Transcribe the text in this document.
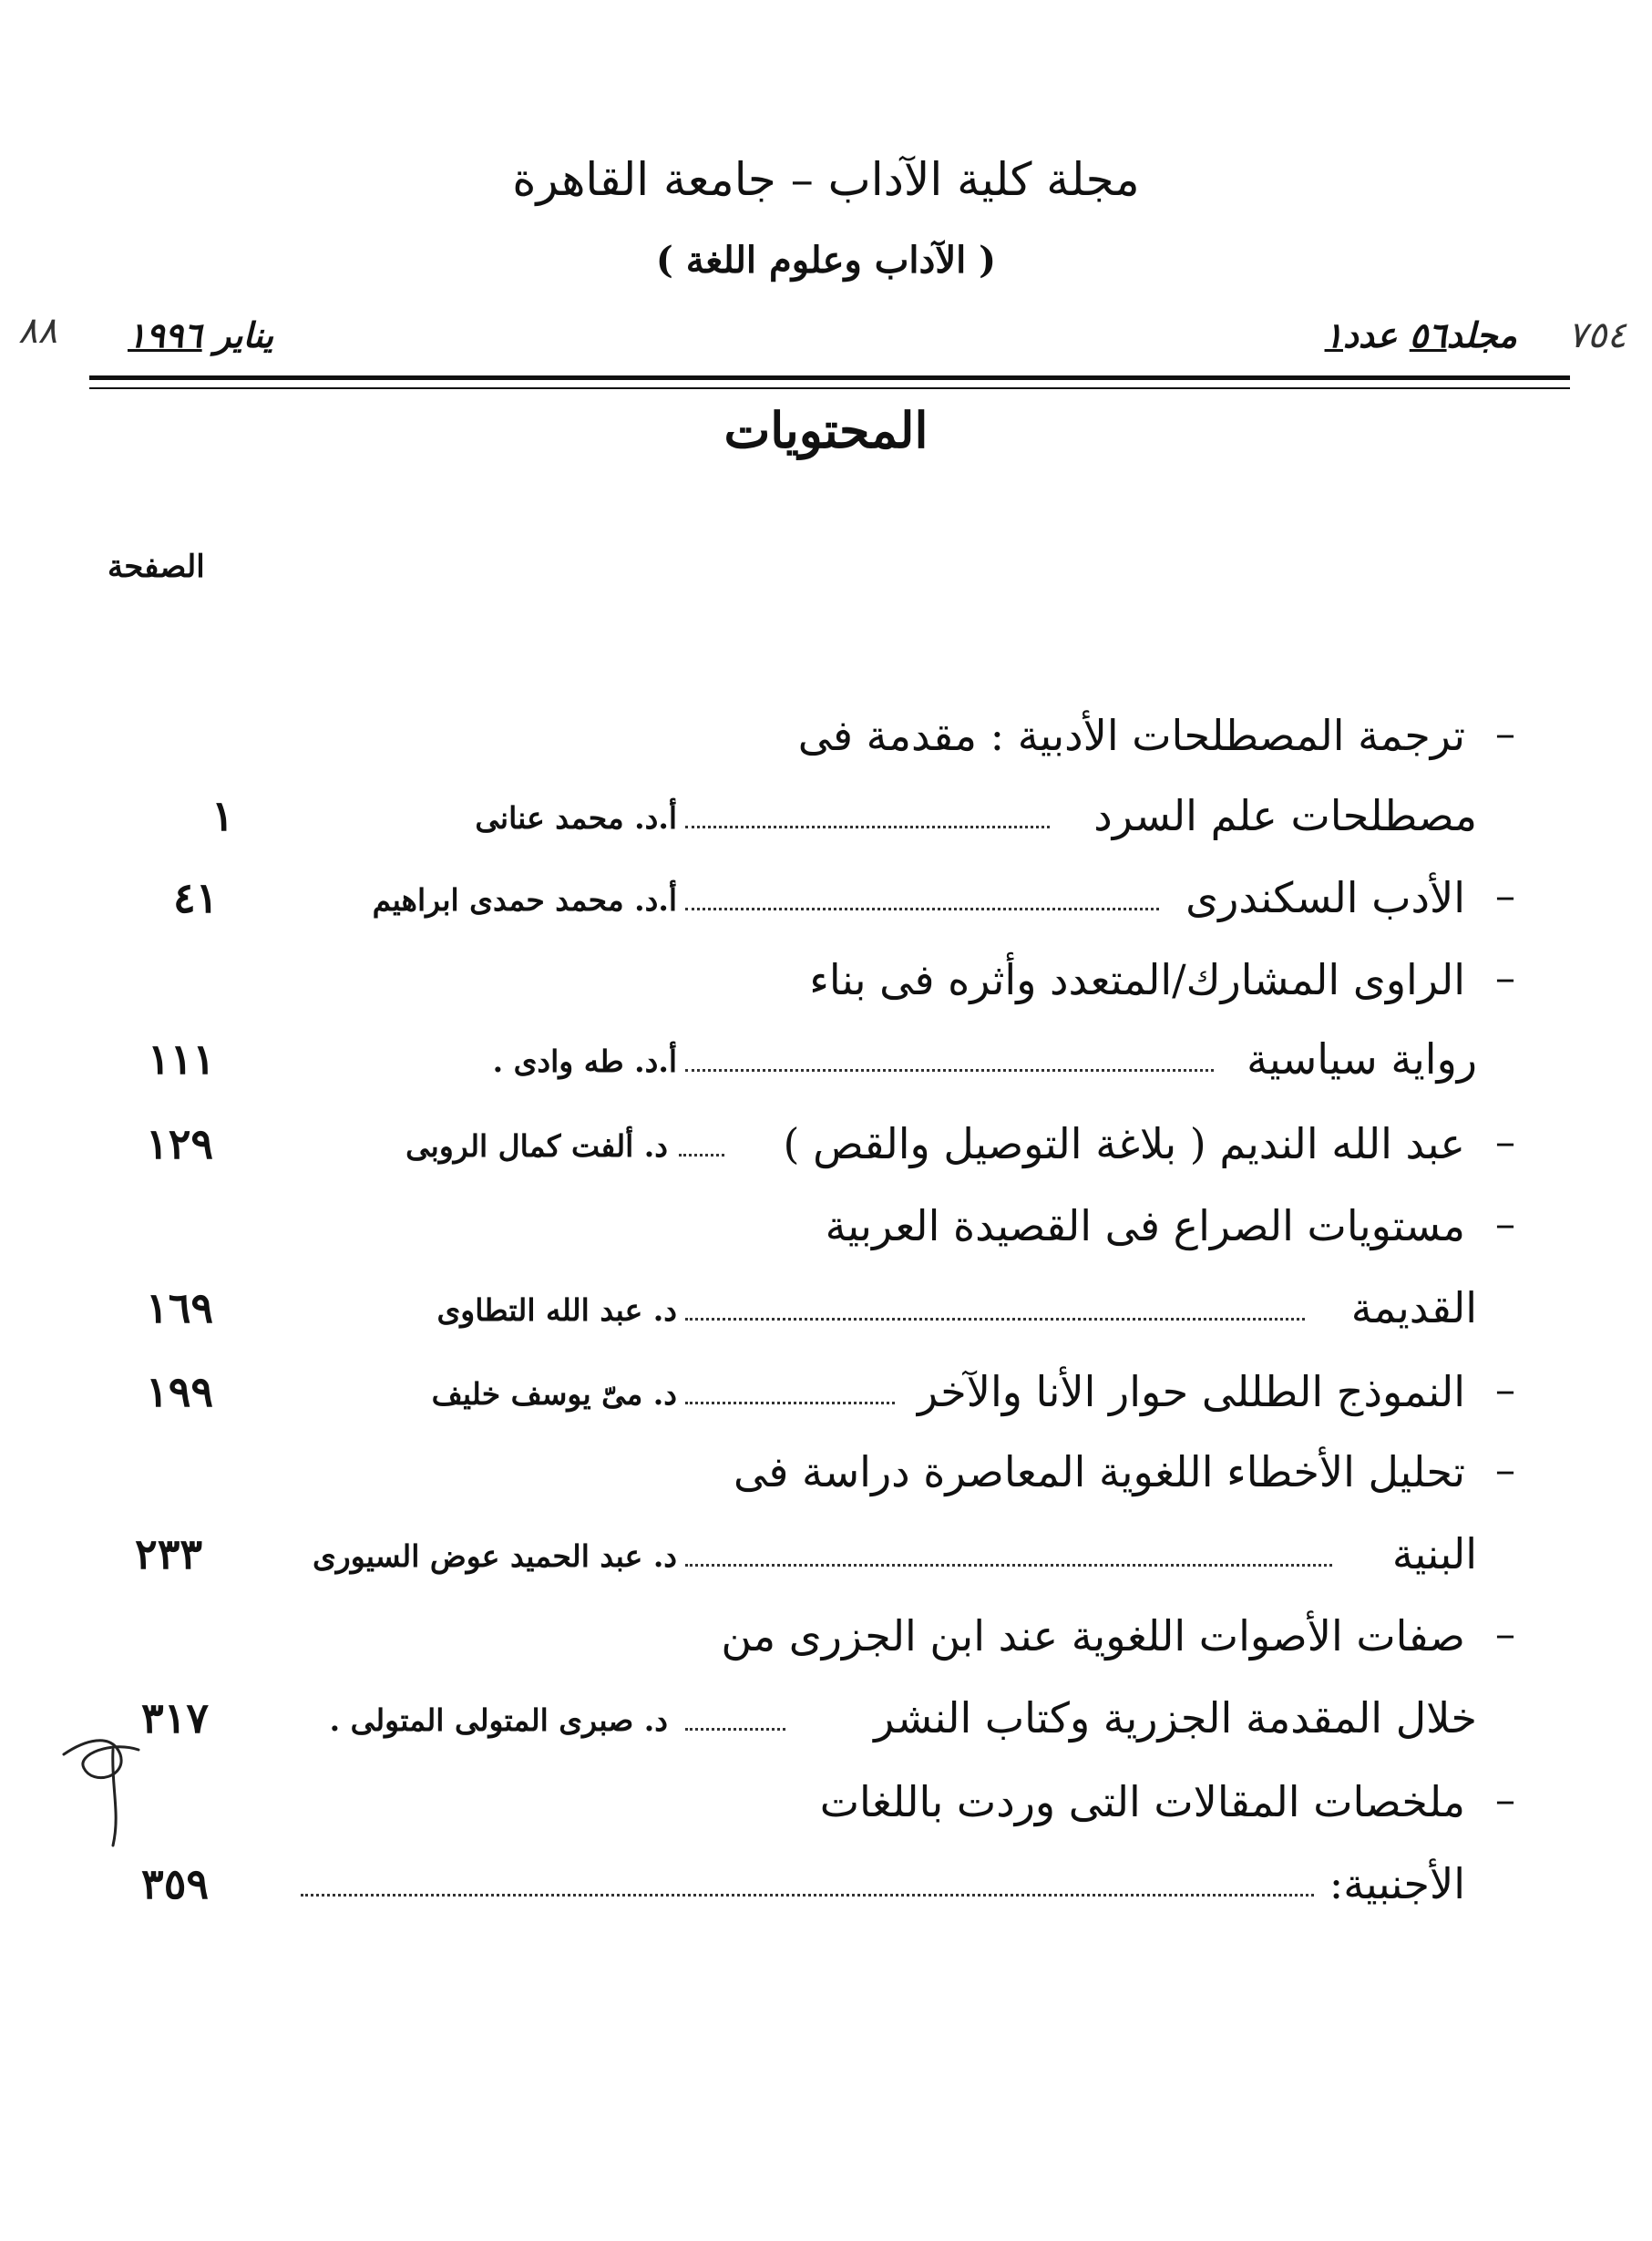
مجلة كلية الآداب – جامعة القاهرة
( الآداب وعلوم اللغة )
٧٥٤
مجلد٥٦ عدد١
يناير ١٩٩٦
٨٨
المحتويات
الصفحة
–
ترجمة المصطلحات الأدبية : مقدمة فى
مصطلحات علم السرد
أ.د. محمد عنانى
١
–
الأدب السكندرى
أ.د. محمد حمدى ابراهيم
٤١
–
الراوى المشارك/المتعدد وأثره فى بناء
رواية سياسية
أ.د. طه وادى .
١١١
–
عبد الله النديم ( بلاغة التوصيل والقص )
د. ألفت كمال الروبى
١٢٩
–
مستويات الصراع فى القصيدة العربية
القديمة
د. عبد الله التطاوى
١٦٩
–
النموذج الطللى حوار الأنا والآخر
د. مىّ يوسف خليف
١٩٩
–
تحليل الأخطاء اللغوية المعاصرة دراسة فى
البنية
د. عبد الحميد عوض السيورى
٢٣٣
–
صفات الأصوات اللغوية عند ابن الجزرى من
خلال المقدمة الجزرية وكتاب النشر
د. صبرى المتولى المتولى .
٣١٧
–
ملخصات المقالات التى وردت باللغات
الأجنبية:
٣٥٩
